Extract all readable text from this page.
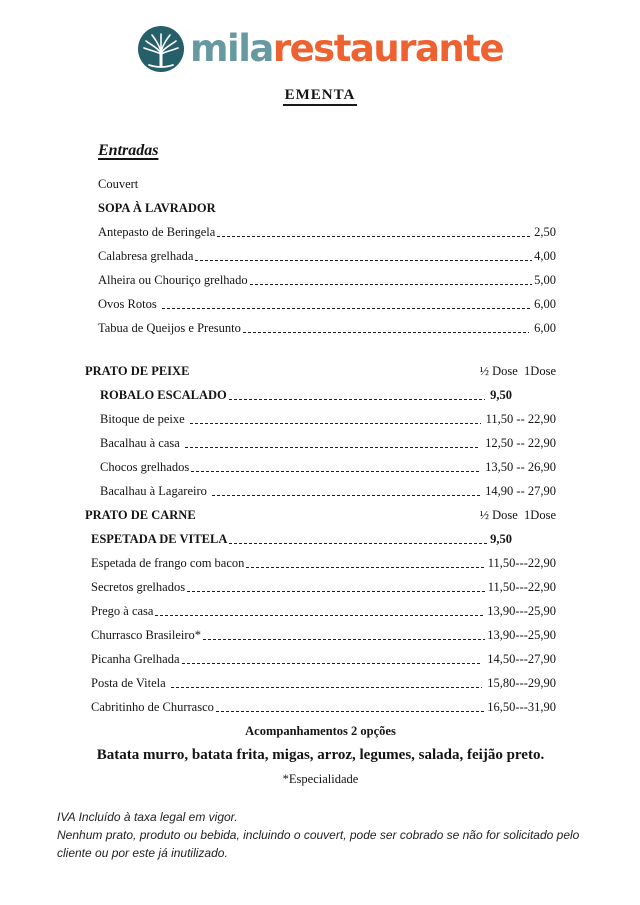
milarestaurante
EMENTA
Entradas
Couvert
SOPA À LAVRADOR
Antepasto de Beringela	2,50
Calabresa grelhada	4,00
Alheira ou Chouriço grelhado	5,00
Ovos Rotos	6,00
Tabua de Queijos e Presunto	6,00
PRATO DE PEIXE	½ Dose  1Dose
ROBALO ESCALADO	9,50
Bitoque de peixe	11,50 -- 22,90
Bacalhau à casa	12,50 -- 22,90
Chocos grelhados	13,50 -- 26,90
Bacalhau à Lagareiro	14,90 -- 27,90
PRATO DE CARNE	½ Dose  1Dose
ESPETADA DE VITELA	9,50
Espetada de frango com bacon	11,50---22,90
Secretos grelhados	11,50---22,90
Prego à casa	13,90---25,90
Churrasco Brasileiro*	13,90---25,90
Picanha Grelhada	14,50---27,90
Posta de Vitela	15,80---29,90
Cabritinho de Churrasco	16,50---31,90
Acompanhamentos 2 opções
Batata murro, batata frita, migas, arroz, legumes, salada, feijão preto.
*Especialidade

IVA Incluído à taxa legal em vigor.

Nenhum prato, produto ou bebida, incluindo o couvert, pode ser cobrado se não for solicitado pelo cliente ou por este já inutilizado.
